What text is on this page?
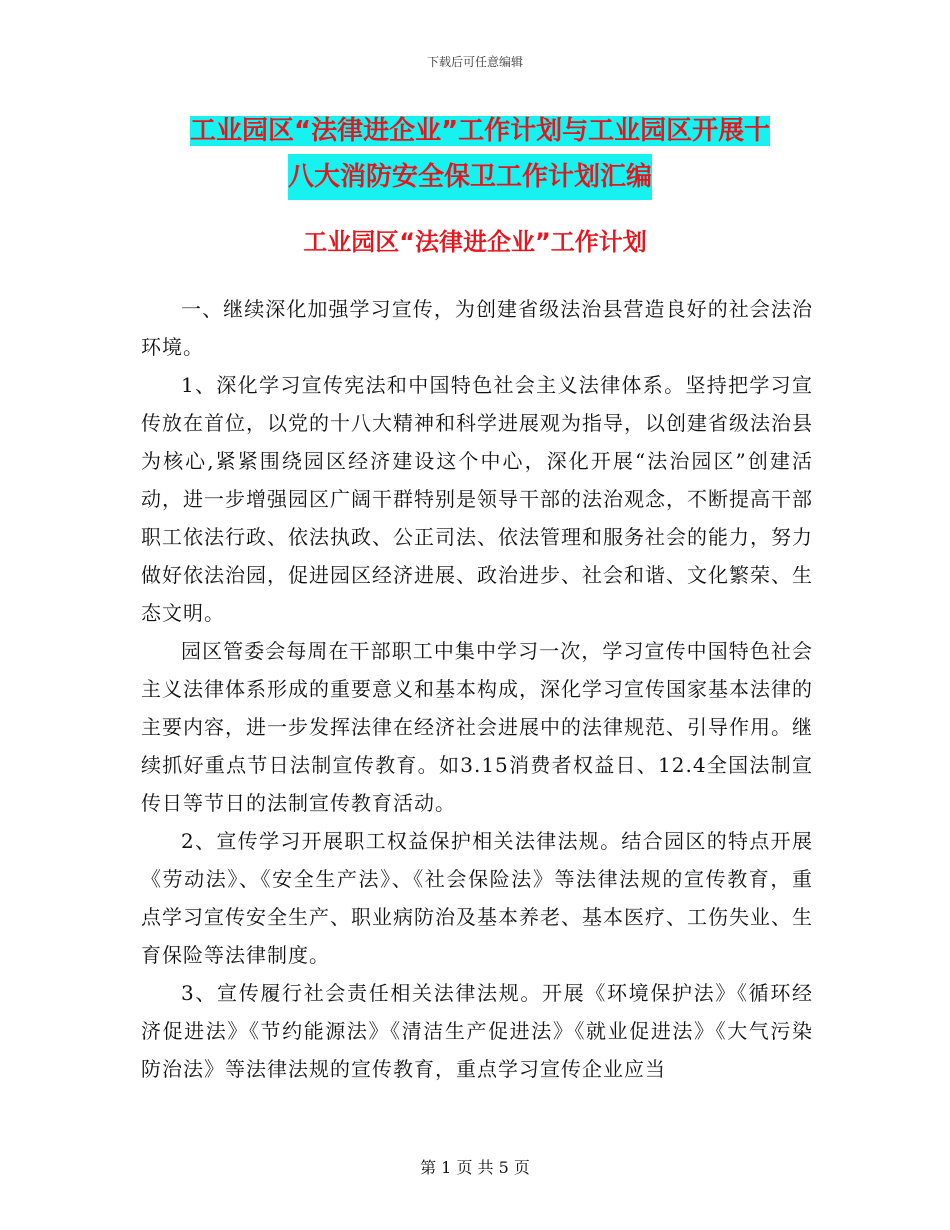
下载后可任意编辑
工业园区“法律进企业”工作计划与工业园区开展十
八大消防安全保卫工作计划汇编
工业园区“法律进企业”工作计划

一、继续深化加强学习宣传，为创建省级法治县营造良好的社会法治环境。

1、深化学习宣传宪法和中国特色社会主义法律体系。坚持把学习宣传放在首位，以党的十八大精神和科学进展观为指导，以创建省级法治县为核心,紧紧围绕园区经济建设这个中心，深化开展“法治园区”创建活动，进一步增强园区广阔干群特别是领导干部的法治观念，不断提高干部职工依法行政、依法执政、公正司法、依法管理和服务社会的能力，努力做好依法治园，促进园区经济进展、政治进步、社会和谐、文化繁荣、生态文明。

园区管委会每周在干部职工中集中学习一次，学习宣传中国特色社会主义法律体系形成的重要意义和基本构成，深化学习宣传国家基本法律的主要内容，进一步发挥法律在经济社会进展中的法律规范、引导作用。继续抓好重点节日法制宣传教育。如3.15消费者权益日、12.4全国法制宣传日等节日的法制宣传教育活动。

2、宣传学习开展职工权益保护相关法律法规。结合园区的特点开展《劳动法》、《安全生产法》、《社会保险法》等法律法规的宣传教育，重点学习宣传安全生产、职业病防治及基本养老、基本医疗、工伤失业、生育保险等法律制度。

3、宣传履行社会责任相关法律法规。开展《环境保护法》《循环经济促进法》《节约能源法》《清洁生产促进法》《就业促进法》《大气污染防治法》等法律法规的宣传教育，重点学习宣传企业应当

第 1 页 共 5 页
